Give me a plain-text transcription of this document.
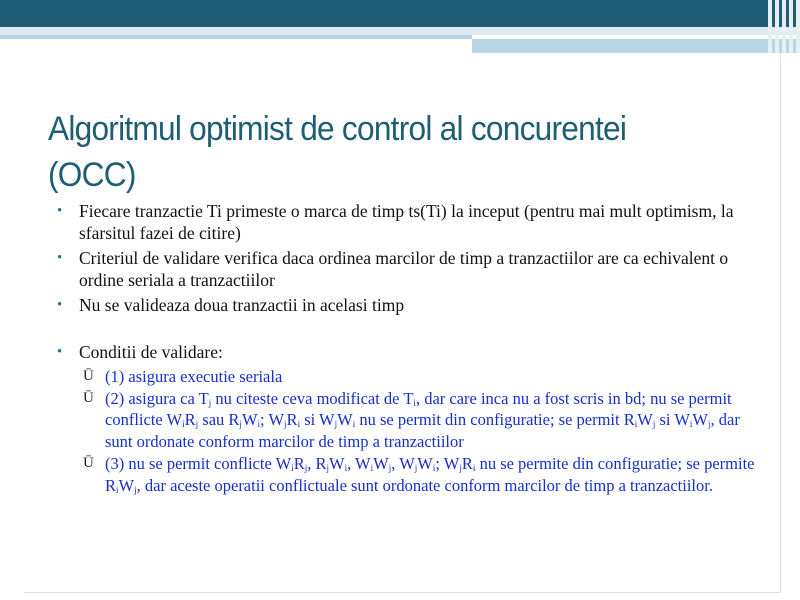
Algoritmul optimist de control al concurentei (OCC)
• Fiecare tranzactie Ti primeste o marca de timp ts(Ti) la inceput (pentru mai mult optimism, la sfarsitul fazei de citire)
• Criteriul de validare verifica daca ordinea marcilor de timp a tranzactiilor are ca echivalent o ordine seriala a tranzactiilor
• Nu se valideaza doua tranzactii in acelasi timp
• Conditii de validare:
Ū (1) asigura executie seriala
Ū (2) asigura ca $T_j$ nu citeste ceva modificat de $T_i$, dar care inca nu a fost scris in bd; nu se permit conflicte $W_iR_j$ sau $R_jW_i$; $W_jR_i$ si $W_jW_i$ nu se permit din configuratie; se permit $R_iW_j$ si $W_iW_j$, dar sunt ordonate conform marcilor de timp a tranzactiilor
Ū (3) nu se permit conflicte $W_iR_j$, $R_jW_i$, $W_iW_j$, $W_jW_i$; $W_jR_i$ nu se permite din configuratie; se permite $R_iW_j$, dar aceste operatii conflictuale sunt ordonate conform marcilor de timp a tranzactiilor.
